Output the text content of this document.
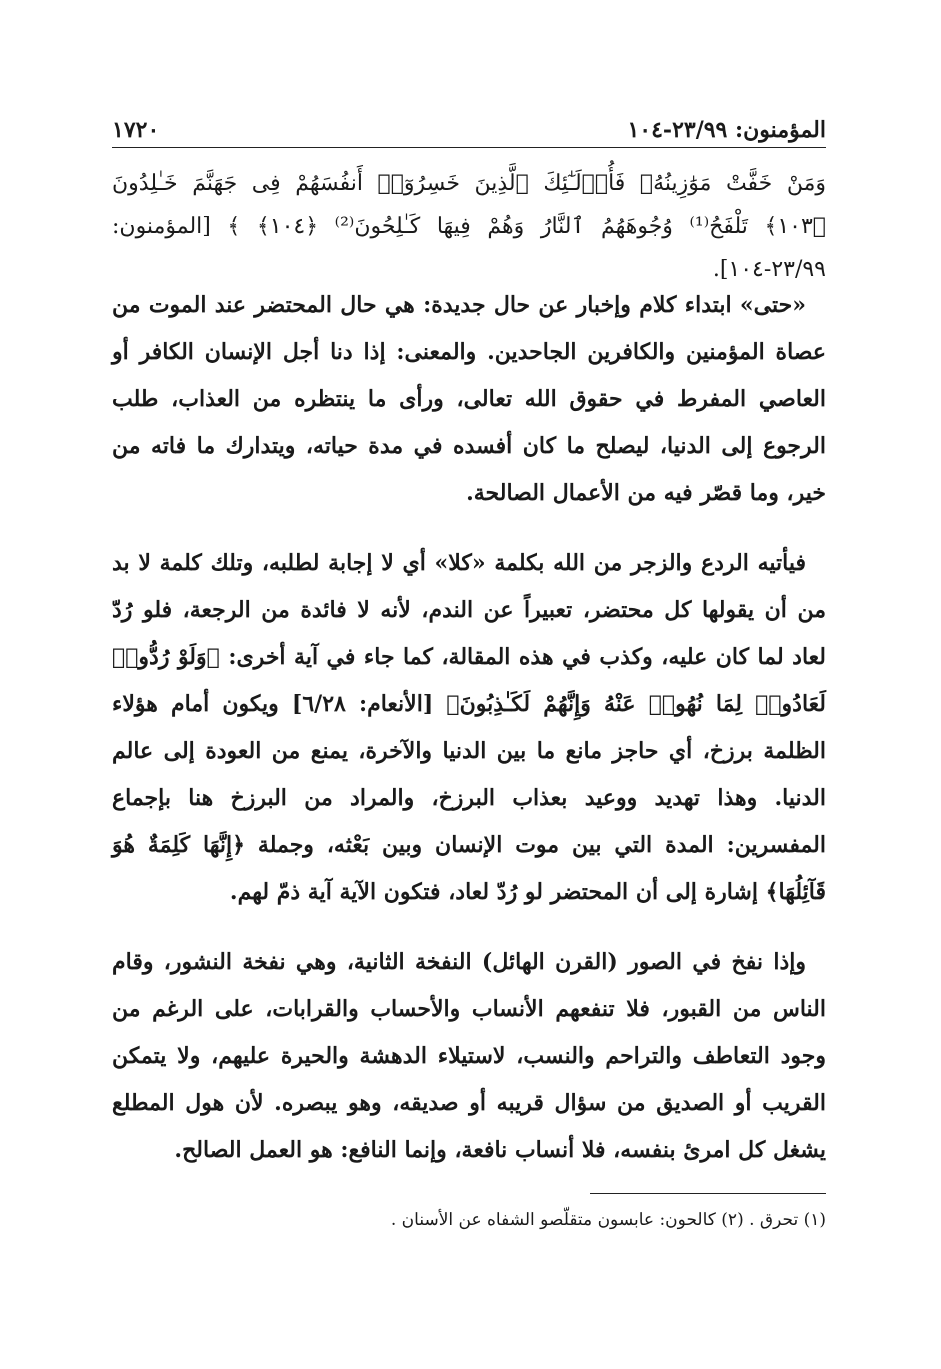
المؤمنون: ٢٣/٩٩-١٠٤
١٧٢٠
وَمَنْ خَفَّتْ مَوَٰزِينُهُۥ فَأُو۟لَـٰٓئِكَ ٱلَّذِينَ خَسِرُوٓا۟ أَنفُسَهُمْ فِى جَهَنَّمَ خَـٰلِدُونَ ﴿١٠٣﴾ تَلْفَحُ⁽¹⁾ وُجُوهَهُمُ ٱلنَّارُ وَهُمْ فِيهَا كَـٰلِحُونَ⁽²⁾ ﴿١٠٤﴾ ﴾ [المؤمنون: ٢٣/٩٩-١٠٤].

«حتى» ابتداء كلام وإخبار عن حال جديدة: هي حال المحتضر عند الموت من عصاة المؤمنين والكافرين الجاحدين. والمعنى: إذا دنا أجل الإنسان الكافر أو العاصي المفرط في حقوق الله تعالى، ورأى ما ينتظره من العذاب، طلب الرجوع إلى الدنيا، ليصلح ما كان أفسده في مدة حياته، ويتدارك ما فاته من خير، وما قصّر فيه من الأعمال الصالحة.

فيأتيه الردع والزجر من الله بكلمة «كلا» أي لا إجابة لطلبه، وتلك كلمة لا بد من أن يقولها كل محتضر، تعبيراً عن الندم، لأنه لا فائدة من الرجعة، فلو رُدّ لعاد لما كان عليه، وكذب في هذه المقالة، كما جاء في آية أخرى: ﴿وَلَوْ رُدُّوا۟ لَعَادُوا۟ لِمَا نُهُوا۟ عَنْهُ وَإِنَّهُمْ لَكَـٰذِبُونَ﴾ [الأنعام: ٦/٢٨] ويكون أمام هؤلاء الظلمة برزخ، أي حاجز مانع ما بين الدنيا والآخرة، يمنع من العودة إلى عالم الدنيا. وهذا تهديد ووعيد بعذاب البرزخ، والمراد من البرزخ هنا بإجماع المفسرين: المدة التي بين موت الإنسان وبين بَعْثه، وجملة ﴿إِنَّهَا كَلِمَةٌ هُوَ قَآئِلُهَا﴾ إشارة إلى أن المحتضر لو رُدّ لعاد، فتكون الآية آية ذمّ لهم.

وإذا نفخ في الصور (القرن الهائل) النفخة الثانية، وهي نفخة النشور، وقام الناس من القبور، فلا تنفعهم الأنساب والأحساب والقرابات، على الرغم من وجود التعاطف والتراحم والنسب، لاستيلاء الدهشة والحيرة عليهم، ولا يتمكن القريب أو الصديق من سؤال قريبه أو صديقه، وهو يبصره. لأن هول المطلع يشغل كل امرئ بنفسه، فلا أنساب نافعة، وإنما النافع: هو العمل الصالح.

(١) تحرق . (٢) كالحون: عابسون متقلّصو الشفاه عن الأسنان .
